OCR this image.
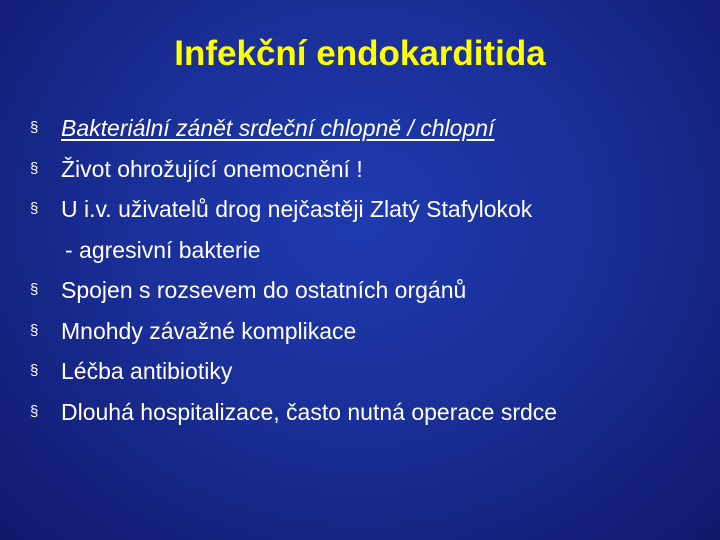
Infekční endokarditida
§ Bakteriální zánět srdeční chlopně / chlopní
§ Život ohrožující onemocnění !
§ U i.v. uživatelů drog nejčastěji Zlatý Stafylokok
- agresivní bakterie
§ Spojen s rozsevem do ostatních orgánů
§ Mnohdy závažné komplikace
§ Léčba antibiotiky
§ Dlouhá hospitalizace, často nutná operace srdce
